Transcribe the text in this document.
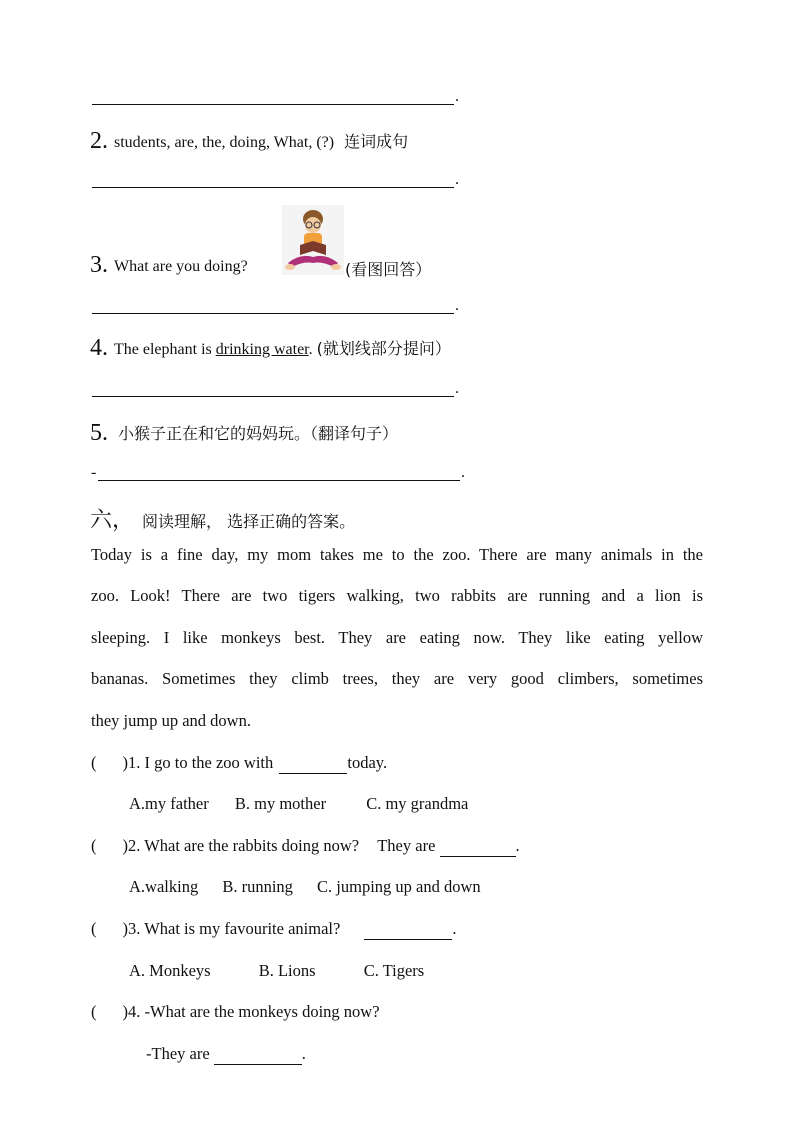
.
2. students, are, the, doing, What, (?) 连词成句
.
3. What are you doing?	(看图回答）
.
4. The elephant is drinking water. (就划线部分提问）
.
5. 小猴子正在和它的妈妈玩。（翻译句子）
-	.
六， 阅读理解， 选择正确的答案。
Today is a fine day, my mom takes me to the zoo. There are many animals in the
zoo. Look! There are two tigers walking, two rabbits are running and a lion is
sleeping. I like monkeys best. They are eating now. They like eating yellow
bananas. Sometimes they climb trees, they are very good climbers, sometimes
they jump up and down.
( )1. I go to the zoo with	today.
A.my father B. my mother C. my grandma
( )2. What are the rabbits doing now? They are	.
A.walking B. running C. jumping up and down
( )3. What is my favourite animal?	.
A. Monkeys	B. Lions	C. Tigers
( )4. -What are the monkeys doing now?
-They are	.
